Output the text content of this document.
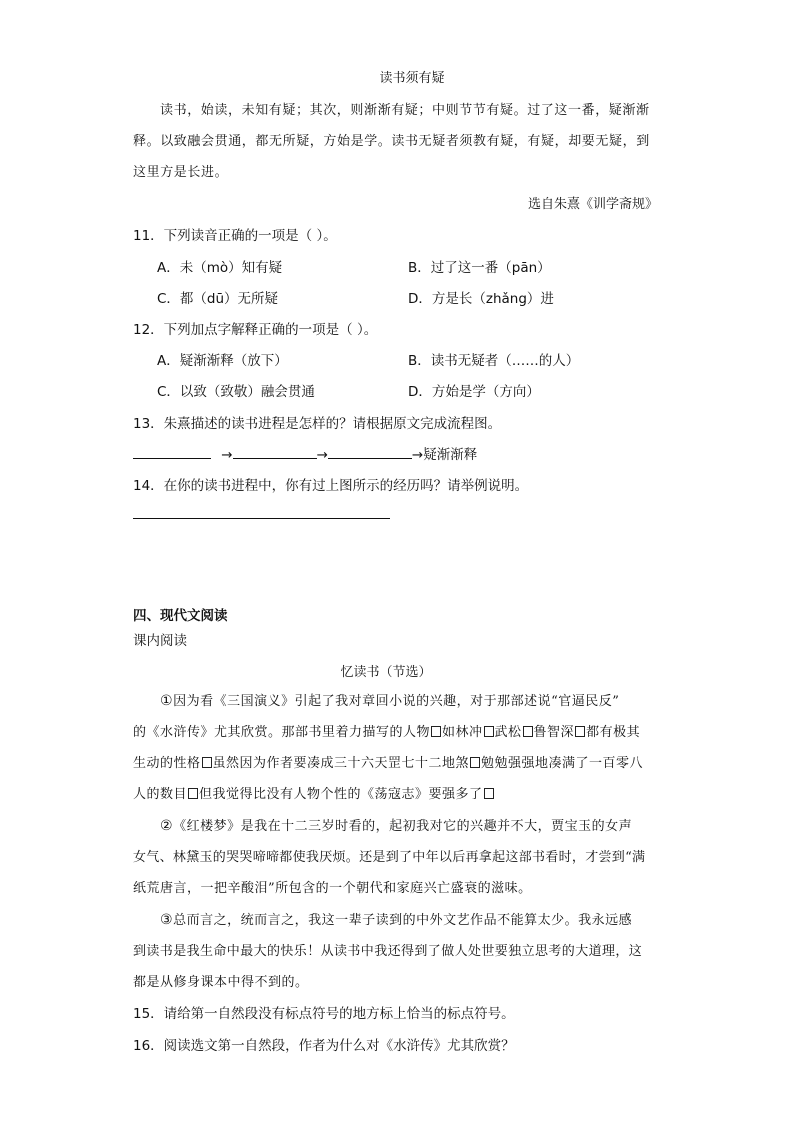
读书须有疑
读书，始读，未知有疑；其次，则渐渐有疑；中则节节有疑。过了这一番，疑渐渐
释。以致融会贯通，都无所疑，方始是学。读书无疑者须教有疑，有疑，却要无疑，到
这里方是长进。
选自朱熹《训学斋规》
11．下列读音正确的一项是（ ）。
A．未（mò）知有疑	B．过了这一番（pān）
C．都（dū）无所疑	D．方是长（zhǎng）进
12．下列加点字解释正确的一项是（ ）。
A．疑渐渐释（放下）	B．读书无疑者（……的人）
C．以致（致敬）融会贯通	D．方始是学（方向）
13．朱熹描述的读书进程是怎样的？请根据原文完成流程图。
→	→	→疑渐渐释
14．在你的读书进程中，你有过上图所示的经历吗？请举例说明。
四、现代文阅读
课内阅读
忆读书（节选）
①因为看《三国演义》引起了我对章回小说的兴趣，对于那部述说“官逼民反”
的《水浒传》尤其欣赏。那部书里着力描写的人物 如林冲 武松 鲁智深 都有极其
生动的性格 虽然因为作者要凑成三十六天罡七十二地煞 勉勉强强地凑满了一百零八
人的数目 但我觉得比没有人物个性的《荡寇志》要强多了
②《红楼梦》是我在十二三岁时看的，起初我对它的兴趣并不大，贾宝玉的女声
女气、林黛玉的哭哭啼啼都使我厌烦。还是到了中年以后再拿起这部书看时，才尝到“满
纸荒唐言，一把辛酸泪”所包含的一个朝代和家庭兴亡盛衰的滋味。
③总而言之，统而言之，我这一辈子读到的中外文艺作品不能算太少。我永远感
到读书是我生命中最大的快乐！从读书中我还得到了做人处世要独立思考的大道理，这
都是从修身课本中得不到的。
15．请给第一自然段没有标点符号的地方标上恰当的标点符号。
16．阅读选文第一自然段，作者为什么对《水浒传》尤其欣赏？
